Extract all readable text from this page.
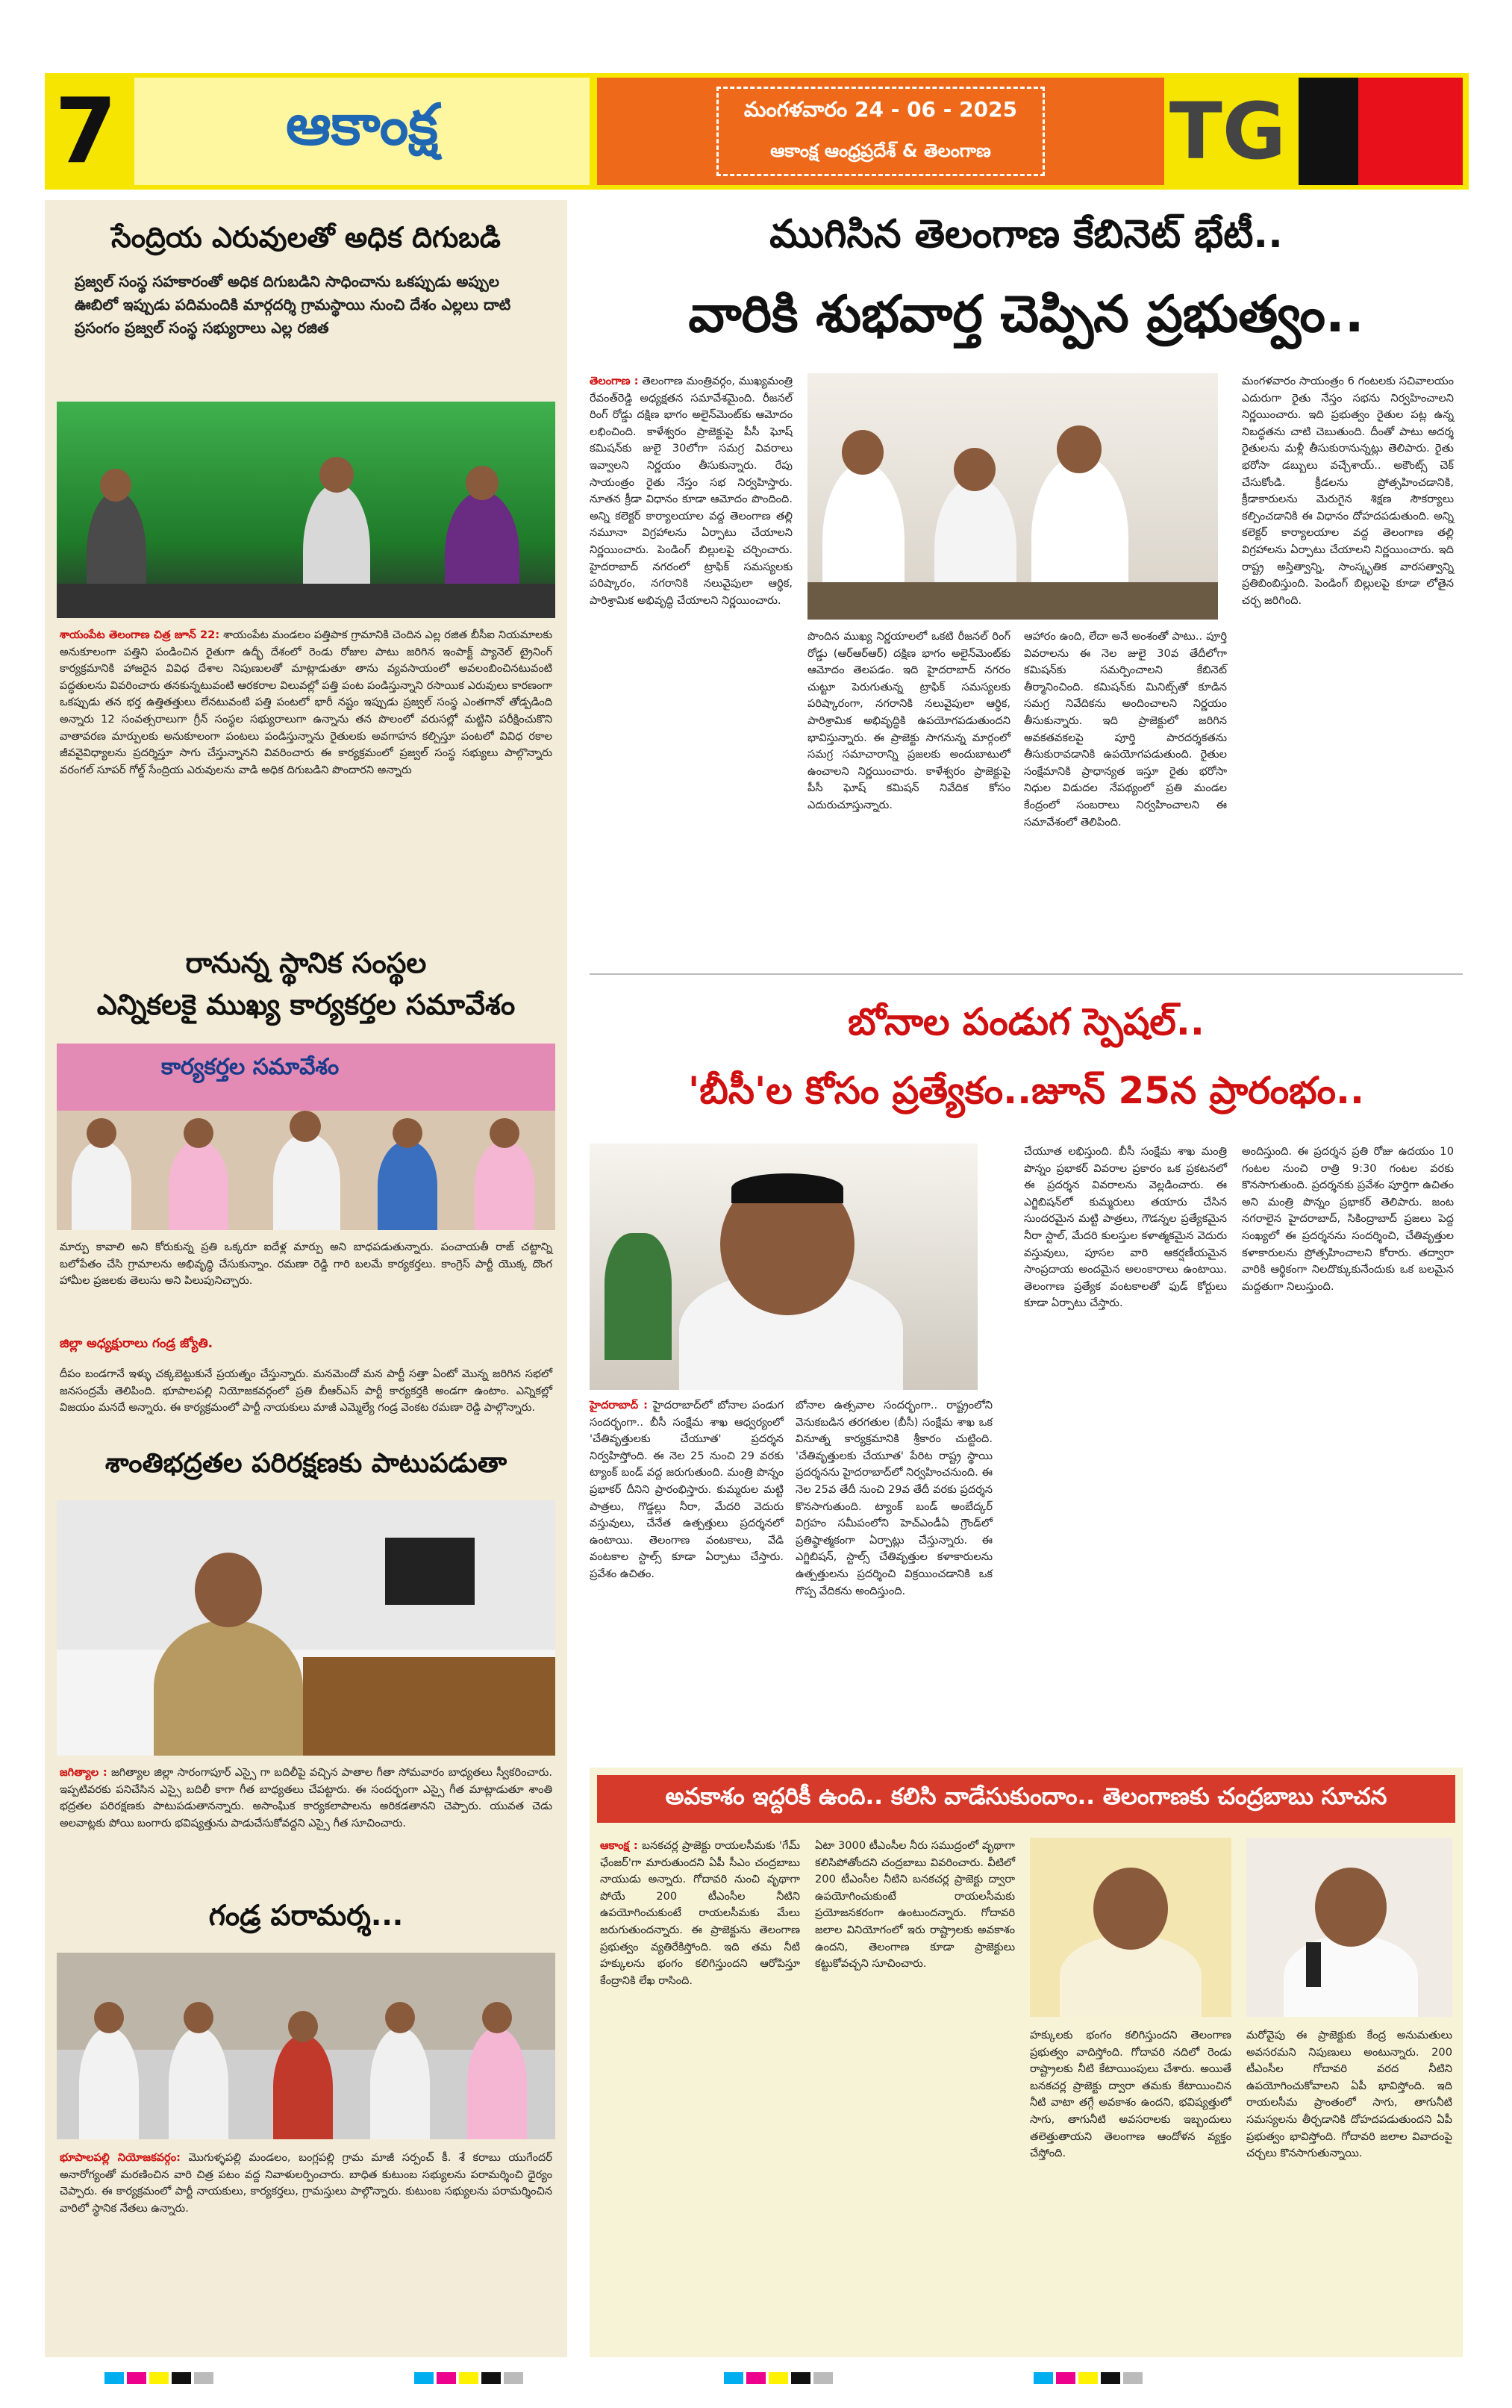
7	ఆకాంక్ష	మంగళవారం 24 - 06 - 2025
ఆకాంక్ష ఆంధ్రప్రదేశ్ & తెలంగాణ TG
సేంద్రియ ఎరువులతో అధిక దిగుబడి
ప్రజ్వల్ సంస్థ సహకారంతో అధిక దిగుబడిని సాధించాను ఒకప్పుడు అప్పుల ఊబిలో ఇప్పుడు పదిమందికి మార్గదర్శి గ్రామస్థాయి నుంచి దేశం ఎల్లలు దాటి ప్రసంగం ప్రజ్వల్ సంస్థ సభ్యురాలు ఎల్ల రజిత
శాయంపేట తెలంగాణ చిత్ర జూన్ 22: శాయంపేట మండలం పత్తిపాక గ్రామానికి చెందిన ఎల్ల రజిత బీసీఐ నియమాలకు అనుకూలంగా పత్తిని పండించిన రైతుగా ఉద్భీ దేశంలో రెండు రోజుల పాటు జరిగిన ఇంపాక్ట్ ప్యానెల్ ట్రైనింగ్ కార్యక్రమానికి హాజరైన వివిధ దేశాల నిపుణులతో మాట్లాడుతూ తాను వ్యవసాయంలో అవలంబించినటువంటి పద్ధతులను వివరించారు తనకున్నటువంటి ఆరకరాల విలువల్లో పత్తి పంట పండిస్తున్నాని రసాయిక ఎరువులు కారణంగా ఒకప్పుడు తన భర్త ఉత్తితత్తులు లేనటువంటి పత్తి పంటలో భారీ నష్టం ఇప్పుడు ప్రజ్వల్ సంస్థ ఎంతగానో తోడ్పడింది అన్నారు 12 సంవత్సరాలుగా గ్రీన్ సంస్థల సభ్యురాలుగా ఉన్నాను తన పొలంలో వరుసల్లో మట్టిని పరీక్షించుకొని వాతావరణ మార్పులకు అనుకూలంగా పంటలు పండిస్తున్నాను రైతులకు అవగాహన కల్పిస్తూ పంటలో వివిధ రకాల జీవవైవిధ్యాలను ప్రదర్శిస్తూ సాగు చేస్తున్నానని వివరించారు ఈ కార్యక్రమంలో ప్రజ్వల్ సంస్థ సభ్యులు పాల్గొన్నారు వరంగల్ సూపర్ గోల్డ్ సేంద్రియ ఎరువులను వాడి అధిక దిగుబడిని పొందారని అన్నారు
రానున్న స్థానిక సంస్థల
ఎన్నికలకై ముఖ్య కార్యకర్తల సమావేశం
కార్యకర్తల సమావేశం
మార్పు కావాలి అని కోరుకున్న ప్రతి ఒక్కరూ ఐదేళ్ల మార్పు అని బాధపడుతున్నారు. పంచాయతీ రాజ్ చట్టాన్ని బలోపేతం చేసి గ్రామాలను అభివృద్ధి చేసుకున్నాం. రమణా రెడ్డి గారి బలమే కార్యకర్తలు. కాంగ్రెస్ పార్టీ యొక్క దొంగ హామీల ప్రజలకు తెలుసు అని పిలుపునిచ్చారు.
జిల్లా అధ్యక్షురాలు గండ్ర జ్యోతి.
దీపం బండగానే ఇళ్ళు చక్కబెట్టుకునే ప్రయత్నం చేస్తున్నారు. మనమెందో మన పార్టీ సత్తా ఏంటో మొన్న జరిగిన సభలో జనసంద్రమే తెలిపింది. భూపాలపల్లి నియోజకవర్గంలో ప్రతి బీఆర్ఎస్ పార్టీ కార్యకర్తకి అండగా ఉంటాం. ఎన్నికల్లో విజయం మనదే అన్నారు. ఈ కార్యక్రమంలో పార్టీ నాయకులు మాజీ ఎమ్మెల్యే గండ్ర వెంకట రమణా రెడ్డి పాల్గొన్నారు.
శాంతిభద్రతల పరిరక్షణకు పాటుపడుతా
జగిత్యాల : జగిత్యాల జిల్లా సారంగాపూర్ ఎస్సై గా బదిలీపై వచ్చిన పాతాల గీతా సోమవారం బాధ్యతలు స్వీకరించారు. ఇప్పటివరకు పనిచేసిన ఎస్సై బదిలీ కాగా గీత బాధ్యతలు చేపట్టారు. ఈ సందర్భంగా ఎస్సై గీత మాట్లాడుతూ శాంతి భద్రతల పరిరక్షణకు పాటుపడుతానన్నారు. అసాంఘిక కార్యకలాపాలను అరికడతానని చెప్పారు. యువత చెడు అలవాట్లకు పోయి బంగారు భవిష్యత్తును పాడుచేసుకోవద్దని ఎస్సై గీత సూచించారు.
గండ్ర పరామర్శ...
భూపాలపల్లి నియోజకవర్గం: మొగుళ్ళపల్లి మండలం, బంగ్లపల్లి గ్రామ మాజీ సర్పంచ్ కీ. శే కరాబు యుగేందర్ అనారోగ్యంతో మరణించిన వారి చిత్ర పటం వద్ద నివాళులర్పించారు. బాధిత కుటుంబ సభ్యులను పరామర్శించి ధైర్యం చెప్పారు. ఈ కార్యక్రమంలో పార్టీ నాయకులు, కార్యకర్తలు, గ్రామస్తులు పాల్గొన్నారు. కుటుంబ సభ్యులను పరామర్శించిన వారిలో స్థానిక నేతలు ఉన్నారు.
ముగిసిన తెలంగాణ కేబినెట్ భేటీ..
వారికి శుభవార్త చెప్పిన ప్రభుత్వం..
తెలంగాణ : తెలంగాణ మంత్రివర్గం, ముఖ్యమంత్రి రేవంత్‌రెడ్డి అధ్యక్షతన సమావేశమైంది. రీజనల్ రింగ్ రోడ్డు దక్షిణ భాగం అలైన్‌మెంట్‌కు ఆమోదం లభించింది. కాళేశ్వరం ప్రాజెక్టుపై పీసీ ఘోష్ కమిషన్‌కు జులై 30లోగా సమగ్ర వివరాలు ఇవ్వాలని నిర్ణయం తీసుకున్నారు. రేపు సాయంత్రం రైతు నేస్తం సభ నిర్వహిస్తారు. నూతన క్రీడా విధానం కూడా ఆమోదం పొందింది. అన్ని కలెక్టర్ కార్యాలయాల వద్ద తెలంగాణ తల్లి నమూనా విగ్రహాలను ఏర్పాటు చేయాలని నిర్ణయించారు. పెండింగ్ బిల్లులపై చర్చించారు. హైదరాబాద్ నగరంలో ట్రాఫిక్ సమస్యలకు పరిష్కారం, నగరానికి నలువైపులా ఆర్థిక, పారిశ్రామిక అభివృద్ధి చేయాలని నిర్ణయించారు.
పొందిన ముఖ్య నిర్ణయాలలో ఒకటి రీజనల్ రింగ్ రోడ్డు (ఆర్‌ఆర్‌ఆర్) దక్షిణ భాగం అలైన్‌మెంట్‌కు ఆమోదం తెలపడం. ఇది హైదరాబాద్ నగరం చుట్టూ పెరుగుతున్న ట్రాఫిక్ సమస్యలకు పరిష్కారంగా, నగరానికి నలువైపులా ఆర్థిక, పారిశ్రామిక అభివృద్ధికి ఉపయోగపడుతుందని భావిస్తున్నారు. ఈ ప్రాజెక్టు సాగనున్న మార్గంలో సమగ్ర సమాచారాన్ని ప్రజలకు అందుబాటులో ఉంచాలని నిర్ణయించారు. కాళేశ్వరం ప్రాజెక్టుపై పీసీ ఘోష్ కమిషన్ నివేదిక కోసం ఎదురుచూస్తున్నారు.
ఆహారం ఉంది, లేదా అనే అంశంతో పాటు.. పూర్తి వివరాలను ఈ నెల జులై 30వ తేదీలోగా కమిషన్‌కు సమర్పించాలని కేబినెట్ తీర్మానించింది. కమిషన్‌కు మినిట్స్‌తో కూడిన సమగ్ర నివేదికను అందించాలని నిర్ణయం తీసుకున్నారు. ఇది ప్రాజెక్టులో జరిగిన అవకతవకలపై పూర్తి పారదర్శకతను తీసుకురావడానికి ఉపయోగపడుతుంది. రైతుల సంక్షేమానికి ప్రాధాన్యత ఇస్తూ రైతు భరోసా నిధుల విడుదల నేపథ్యంలో ప్రతి మండల కేంద్రంలో సంబరాలు నిర్వహించాలని ఈ సమావేశంలో తెలిపింది.
మంగళవారం సాయంత్రం 6 గంటలకు సచివాలయం ఎదురుగా రైతు నేస్తం సభను నిర్వహించాలని నిర్ణయించారు. ఇది ప్రభుత్వం రైతుల పట్ల ఉన్న నిబద్ధతను చాటి చెబుతుంది. దీంతో పాటు అదర్శ రైతులను మళ్లీ తీసుకురానున్నట్లు తెలిపారు. రైతు భరోసా డబ్బులు వచ్చేశాయ్.. అకౌంట్స్ చెక్ చేసుకోండి. క్రీడలను ప్రోత్సహించడానికి, క్రీడాకారులను మెరుగైన శిక్షణ సౌకర్యాలు కల్పించడానికి ఈ విధానం దోహదపడుతుంది. అన్ని కలెక్టర్ కార్యాలయాల వద్ద తెలంగాణ తల్లి విగ్రహాలను ఏర్పాటు చేయాలని నిర్ణయించారు. ఇది రాష్ట్ర అస్తిత్వాన్ని, సాంస్కృతిక వారసత్వాన్ని ప్రతిబింబిస్తుంది. పెండింగ్ బిల్లులపై కూడా లోతైన చర్చ జరిగింది.
బోనాల పండుగ స్పెషల్..
'బీసీ'ల కోసం ప్రత్యేకం..జూన్ 25న ప్రారంభం..
హైదరాబాద్ : హైదరాబాద్‌లో బోనాల పండుగ సందర్భంగా.. బీసీ సంక్షేమ శాఖ ఆధ్వర్యంలో 'చేతివృత్తులకు చేయూత' ప్రదర్శన నిర్వహిస్తోంది. ఈ నెల 25 నుంచి 29 వరకు ట్యాంక్ బండ్ వద్ద జరుగుతుంది. మంత్రి పొన్నం ప్రభాకర్ దీనిని ప్రారంభిస్తారు. కుమ్మరుల మట్టి పాత్రలు, గొడ్డల్లు నీరా, మేదరి వెదురు వస్తువులు, చేనేత ఉత్పత్తులు ప్రదర్శనలో ఉంటాయి. తెలంగాణ వంటకాలు, వేడి వంటకాల స్టాల్స్ కూడా ఏర్పాటు చేస్తారు. ప్రవేశం ఉచితం.
బోనాల ఉత్సవాల సందర్భంగా.. రాష్ట్రంలోని వెనుకబడిన తరగతుల (బీసీ) సంక్షేమ శాఖ ఒక వినూత్న కార్యక్రమానికి శ్రీకారం చుట్టింది. 'చేతివృత్తులకు చేయూత' పేరిట రాష్ట్ర స్థాయి ప్రదర్శనను హైదరాబాద్‌లో నిర్వహించనుంది. ఈ నెల 25వ తేదీ నుంచి 29వ తేదీ వరకు ప్రదర్శన కొనసాగుతుంది. ట్యాంక్ బండ్ అంబేద్కర్ విగ్రహం సమీపంలోని హెచ్ఎండీఏ గ్రౌండ్‌లో ప్రతిష్ఠాత్మకంగా ఏర్పాట్లు చేస్తున్నారు. ఈ ఎగ్జిబిషన్, స్టాల్స్ చేతివృత్తుల కళాకారులను ఉత్పత్తులను ప్రదర్శించి విక్రయించడానికి ఒక గొప్ప వేదికను అందిస్తుంది.
చేయూత లభిస్తుంది. బీసీ సంక్షేమ శాఖ మంత్రి పొన్నం ప్రభాకర్ వివరాల ప్రకారం ఒక ప్రకటనలో ఈ ప్రదర్శన వివరాలను వెల్లడించారు. ఈ ఎగ్జిబిషన్‌లో కుమ్మరులు తయారు చేసిన సుందరమైన మట్టి పాత్రలు, గౌడన్నల ప్రత్యేకమైన నీరా స్టాల్, మేదరి కులస్తుల కళాత్మకమైన వెదురు వస్తువులు, పూసల వారి ఆకర్షణీయమైన సాంప్రదాయ అందమైన అలంకారాలు ఉంటాయి. తెలంగాణ ప్రత్యేక వంటకాలతో ఫుడ్ కోర్టులు కూడా ఏర్పాటు చేస్తారు.
అందిస్తుంది. ఈ ప్రదర్శన ప్రతి రోజు ఉదయం 10 గంటల నుంచి రాత్రి 9:30 గంటల వరకు కొనసాగుతుంది. ప్రదర్శనకు ప్రవేశం పూర్తిగా ఉచితం అని మంత్రి పొన్నం ప్రభాకర్ తెలిపారు. జంట నగరాలైన హైదరాబాద్, సికింద్రాబాద్ ప్రజలు పెద్ద సంఖ్యలో ఈ ప్రదర్శనను సందర్శించి, చేతివృత్తుల కళాకారులను ప్రోత్సహించాలని కోరారు. తద్వారా వారికి ఆర్థికంగా నిలదొక్కుకునేందుకు ఒక బలమైన మద్దతుగా నిలుస్తుంది.
అవకాశం ఇద్దరికీ ఉంది.. కలిసి వాడేసుకుందాం.. తెలంగాణకు చంద్రబాబు సూచన
ఆకాంక్ష : బనకచర్ల ప్రాజెక్టు రాయలసీమకు 'గేమ్ ఛేంజర్'గా మారుతుందని ఏపీ సీఎం చంద్రబాబు నాయుడు అన్నారు. గోదావరి నుంచి వృథాగా పోయే 200 టీఎంసీల నీటిని ఉపయోగించుకుంటే రాయలసీమకు మేలు జరుగుతుందన్నారు. ఈ ప్రాజెక్టును తెలంగాణ ప్రభుత్వం వ్యతిరేకిస్తోంది. ఇది తమ నీటి హక్కులను భంగం కలిగిస్తుందని ఆరోపిస్తూ కేంద్రానికి లేఖ రాసింది.
ఏటా 3000 టీఎంసీల నీరు సముద్రంలో వృథాగా కలిసిపోతోందని చంద్రబాబు వివరించారు. వీటిలో 200 టీఎంసీల నీటిని బనకచర్ల ప్రాజెక్టు ద్వారా ఉపయోగించుకుంటే రాయలసీమకు ప్రయోజనకరంగా ఉంటుందన్నారు. గోదావరి జలాల వినియోగంలో ఇరు రాష్ట్రాలకు అవకాశం ఉందని, తెలంగాణ కూడా ప్రాజెక్టులు కట్టుకోవచ్చని సూచించారు.
హక్కులకు భంగం కలిగిస్తుందని తెలంగాణ ప్రభుత్వం వాదిస్తోంది. గోదావరి నదిలో రెండు రాష్ట్రాలకు నీటి కేటాయింపులు చేశారు. అయితే బనకచర్ల ప్రాజెక్టు ద్వారా తమకు కేటాయించిన నీటి వాటా తగ్గే అవకాశం ఉందని, భవిష్యత్తులో సాగు, తాగునీటి అవసరాలకు ఇబ్బందులు తలెత్తుతాయని తెలంగాణ ఆందోళన వ్యక్తం చేస్తోంది.
మరోవైపు ఈ ప్రాజెక్టుకు కేంద్ర అనుమతులు అవసరమని నిపుణులు అంటున్నారు. 200 టీఎంసీల గోదావరి వరద నీటిని ఉపయోగించుకోవాలని ఏపీ భావిస్తోంది. ఇది రాయలసీమ ప్రాంతంలో సాగు, తాగునీటి సమస్యలను తీర్చడానికి దోహదపడుతుందని ఏపీ ప్రభుత్వం భావిస్తోంది. గోదావరి జలాల వివాదంపై చర్చలు కొనసాగుతున్నాయి.
